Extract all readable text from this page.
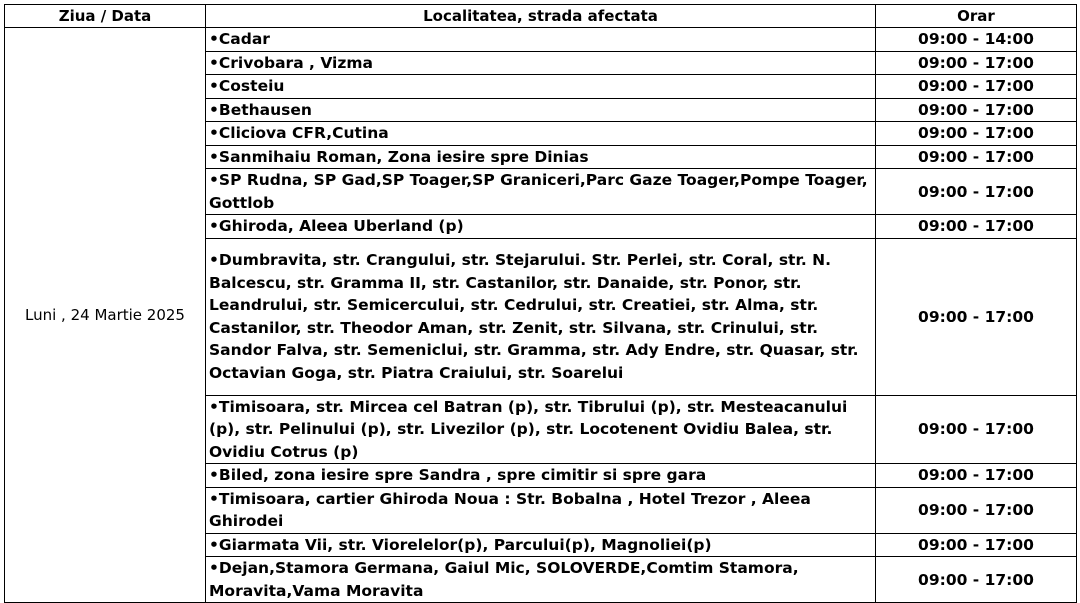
Ziua / Data	Localitatea, strada afectata	Orar
Luni , 24 Martie 2025	•Cadar	09:00 - 14:00
	•Crivobara , Vizma	09:00 - 17:00
	•Costeiu	09:00 - 17:00
	•Bethausen	09:00 - 17:00
	•Cliciova CFR,Cutina	09:00 - 17:00
	•Sanmihaiu Roman, Zona iesire spre Dinias	09:00 - 17:00
	•SP Rudna, SP Gad,SP Toager,SP Graniceri,Parc Gaze Toager,Pompe Toager, Gottlob	09:00 - 17:00
	•Ghiroda, Aleea Uberland (p)	09:00 - 17:00
	•Dumbravita, str. Crangului, str. Stejarului. Str. Perlei, str. Coral, str. N. Balcescu, str. Gramma II, str. Castanilor, str. Danaide, str. Ponor, str. Leandrului, str. Semicercului, str. Cedrului, str. Creatiei, str. Alma, str. Castanilor, str. Theodor Aman, str. Zenit, str. Silvana, str. Crinului, str. Sandor Falva, str. Semeniclui, str. Gramma, str. Ady Endre, str. Quasar, str. Octavian Goga, str. Piatra Craiului, str. Soarelui	09:00 - 17:00
	•Timisoara, str. Mircea cel Batran (p), str. Tibrului (p), str. Mesteacanului (p), str. Pelinului (p), str. Livezilor (p), str. Locotenent Ovidiu Balea, str. Ovidiu Cotrus (p)	09:00 - 17:00
	•Biled, zona iesire spre Sandra , spre cimitir si spre gara	09:00 - 17:00
	•Timisoara, cartier Ghiroda Noua : Str. Bobalna , Hotel Trezor , Aleea Ghirodei	09:00 - 17:00
	•Giarmata Vii, str. Viorelelor(p), Parcului(p), Magnoliei(p)	09:00 - 17:00
	•Dejan,Stamora Germana, Gaiul Mic, SOLOVERDE,Comtim Stamora, Moravita,Vama Moravita	09:00 - 17:00
